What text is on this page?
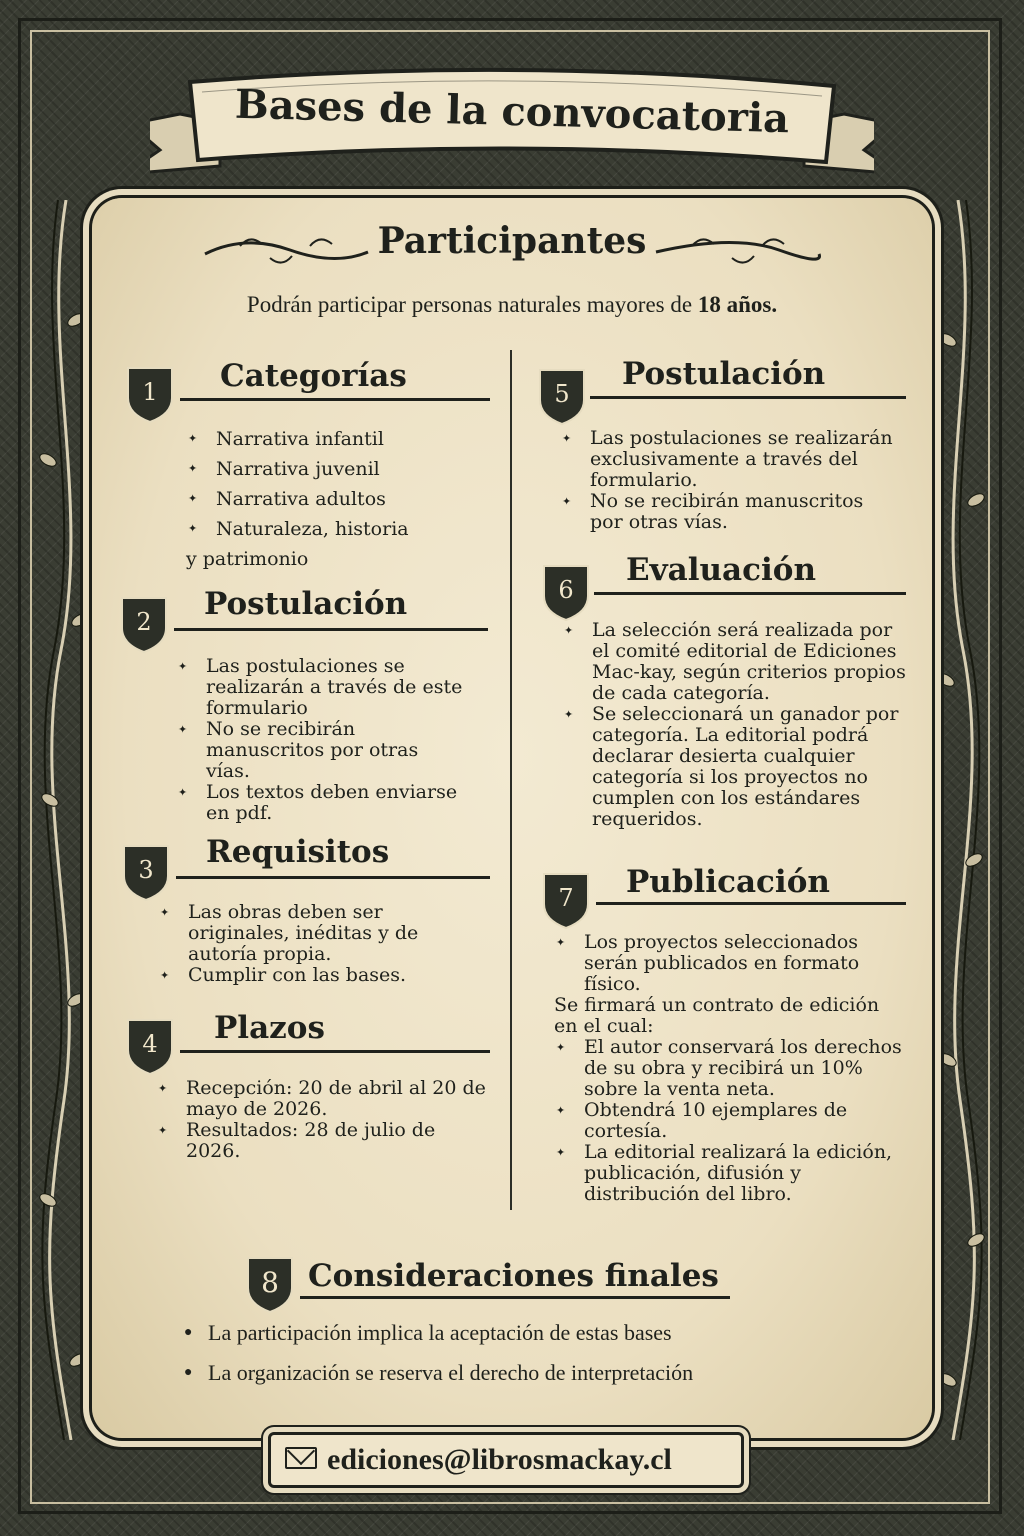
Bases de la convocatoria
Participantes
Podrán participar personas naturales mayores de 18 años.
1	Categorías
✦ Narrativa infantil
✦ Narrativa juvenil
✦ Narrativa adultos
✦ Naturaleza, historia
y patrimonio
2	Postulación
✦ Las postulaciones se realizarán a través de este formulario
✦ No se recibirán manuscritos por otras vías.
✦ Los textos deben enviarse en pdf.
3	Requisitos
✦ Las obras deben ser originales, inéditas y de autoría propia.
✦ Cumplir con las bases.
4	Plazos
✦ Recepción: 20 de abril al 20 de mayo de 2026.
✦ Resultados: 28 de julio de 2026.
5
Postulación
✦ Las postulaciones se realizarán exclusivamente a través del formulario.
✦ No se recibirán manuscritos por otras vías.
6
Evaluación
✦ La selección será realizada por el comité editorial de Ediciones Mac-kay, según criterios propios de cada categoría.
✦ Se seleccionará un ganador por categoría. La editorial podrá declarar desierta cualquier categoría si los proyectos no cumplen con los estándares requeridos.
7	Publicación
✦ Los proyectos seleccionados serán publicados en formato físico.
Se firmará un contrato de edición en el cual:
✦ El autor conservará los derechos de su obra y recibirá un 10% sobre la venta neta.
✦ Obtendrá 10 ejemplares de cortesía.
✦ La editorial realizará la edición, publicación, difusión y distribución del libro.
8 Consideraciones finales
● La participación implica la aceptación de estas bases
● La organización se reserva el derecho de interpretación
ediciones@librosmackay.cl
